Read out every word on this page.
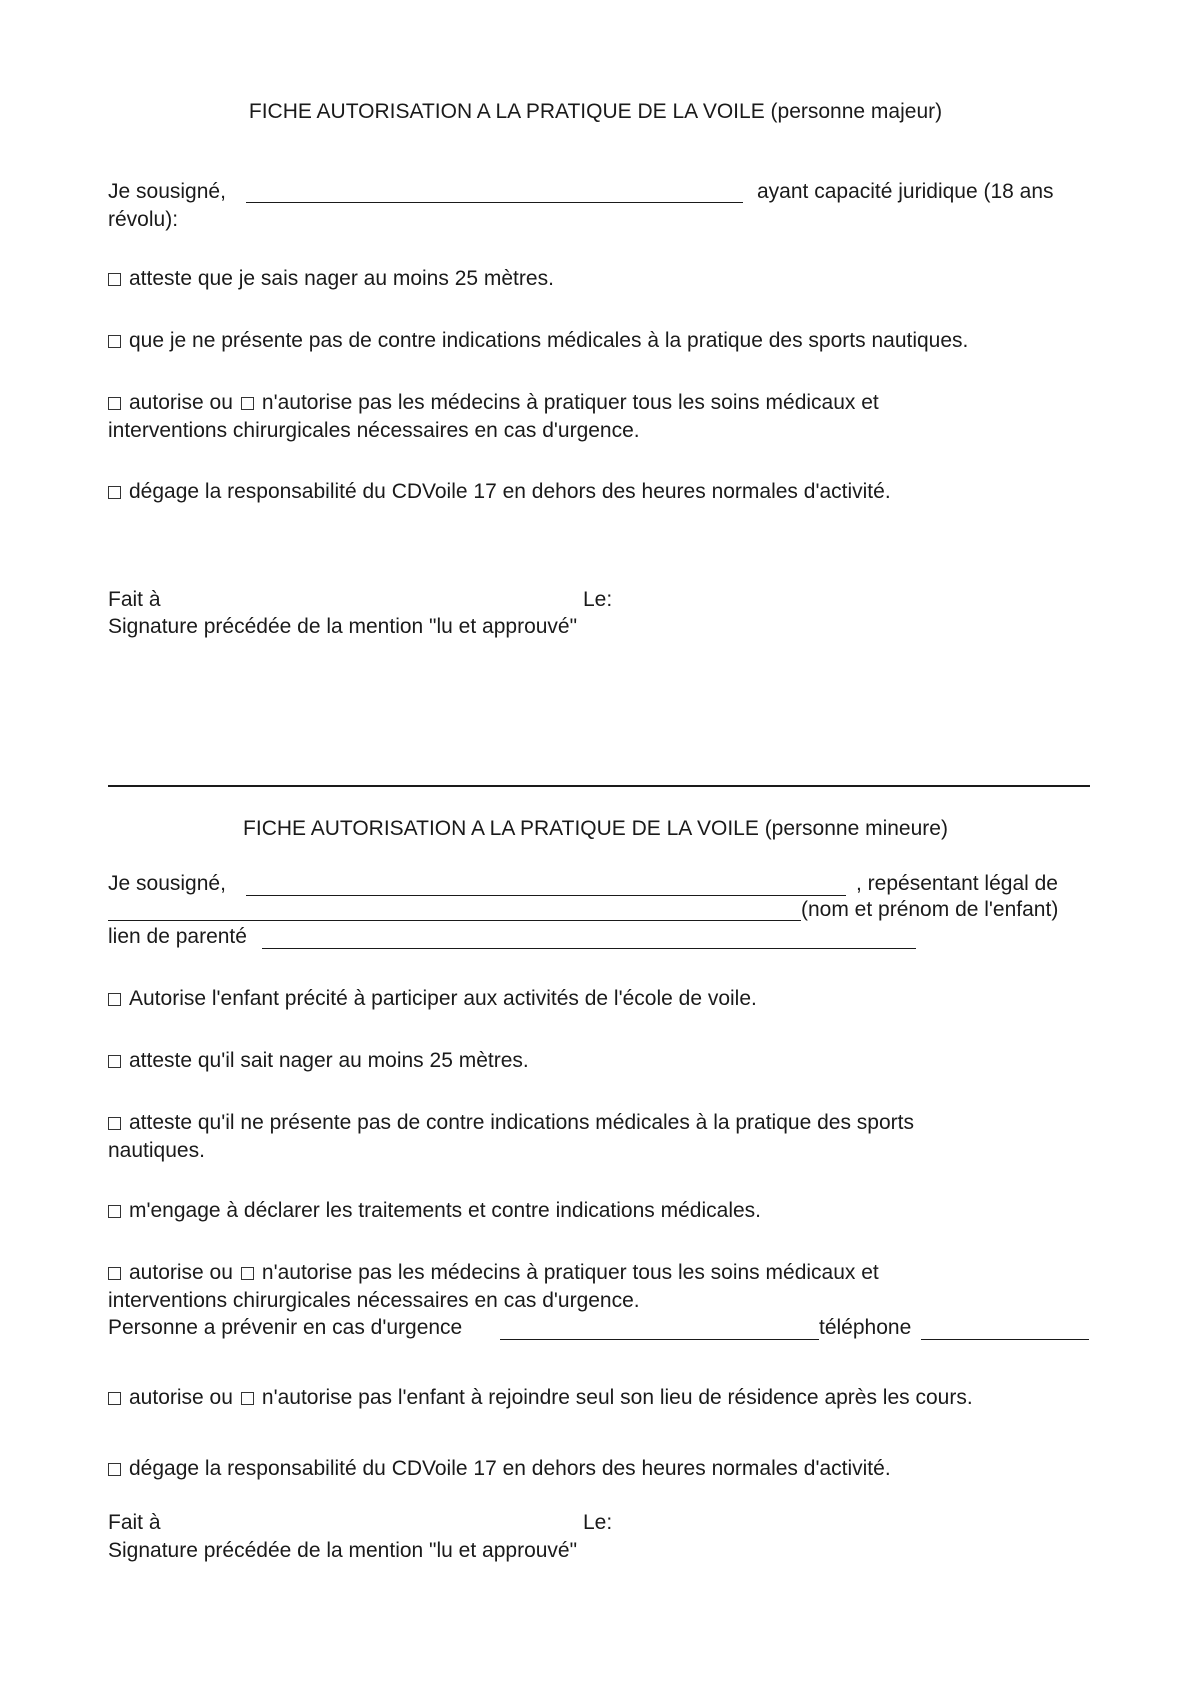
FICHE AUTORISATION A LA PRATIQUE DE LA VOILE (personne majeur)
Je sousigné,	ayant capacité juridique (18 ans
révolu):
atteste que je sais nager au moins 25 mètres.
que je ne présente pas de contre indications médicales à la pratique des sports nautiques.
autorise ou n'autorise pas les médecins à pratiquer tous les soins médicaux et
interventions chirurgicales nécessaires en cas d'urgence.
dégage la responsabilité du CDVoile 17 en dehors des heures normales d'activité.
Fait à	Le:
Signature précédée de la mention "lu et approuvé"
FICHE AUTORISATION A LA PRATIQUE DE LA VOILE (personne mineure)
Je sousigné,	, repésentant légal de
(nom et prénom de l'enfant)
lien de parenté
Autorise l'enfant précité à participer aux activités de l'école de voile.
atteste qu'il sait nager au moins 25 mètres.
atteste qu'il ne présente pas de contre indications médicales à la pratique des sports
nautiques.
m'engage à déclarer les traitements et contre indications médicales.
autorise ou n'autorise pas les médecins à pratiquer tous les soins médicaux et
interventions chirurgicales nécessaires en cas d'urgence.
Personne a prévenir en cas d'urgence	téléphone
autorise ou n'autorise pas l'enfant à rejoindre seul son lieu de résidence après les cours.
dégage la responsabilité du CDVoile 17 en dehors des heures normales d'activité.
Fait à	Le:
Signature précédée de la mention "lu et approuvé"
